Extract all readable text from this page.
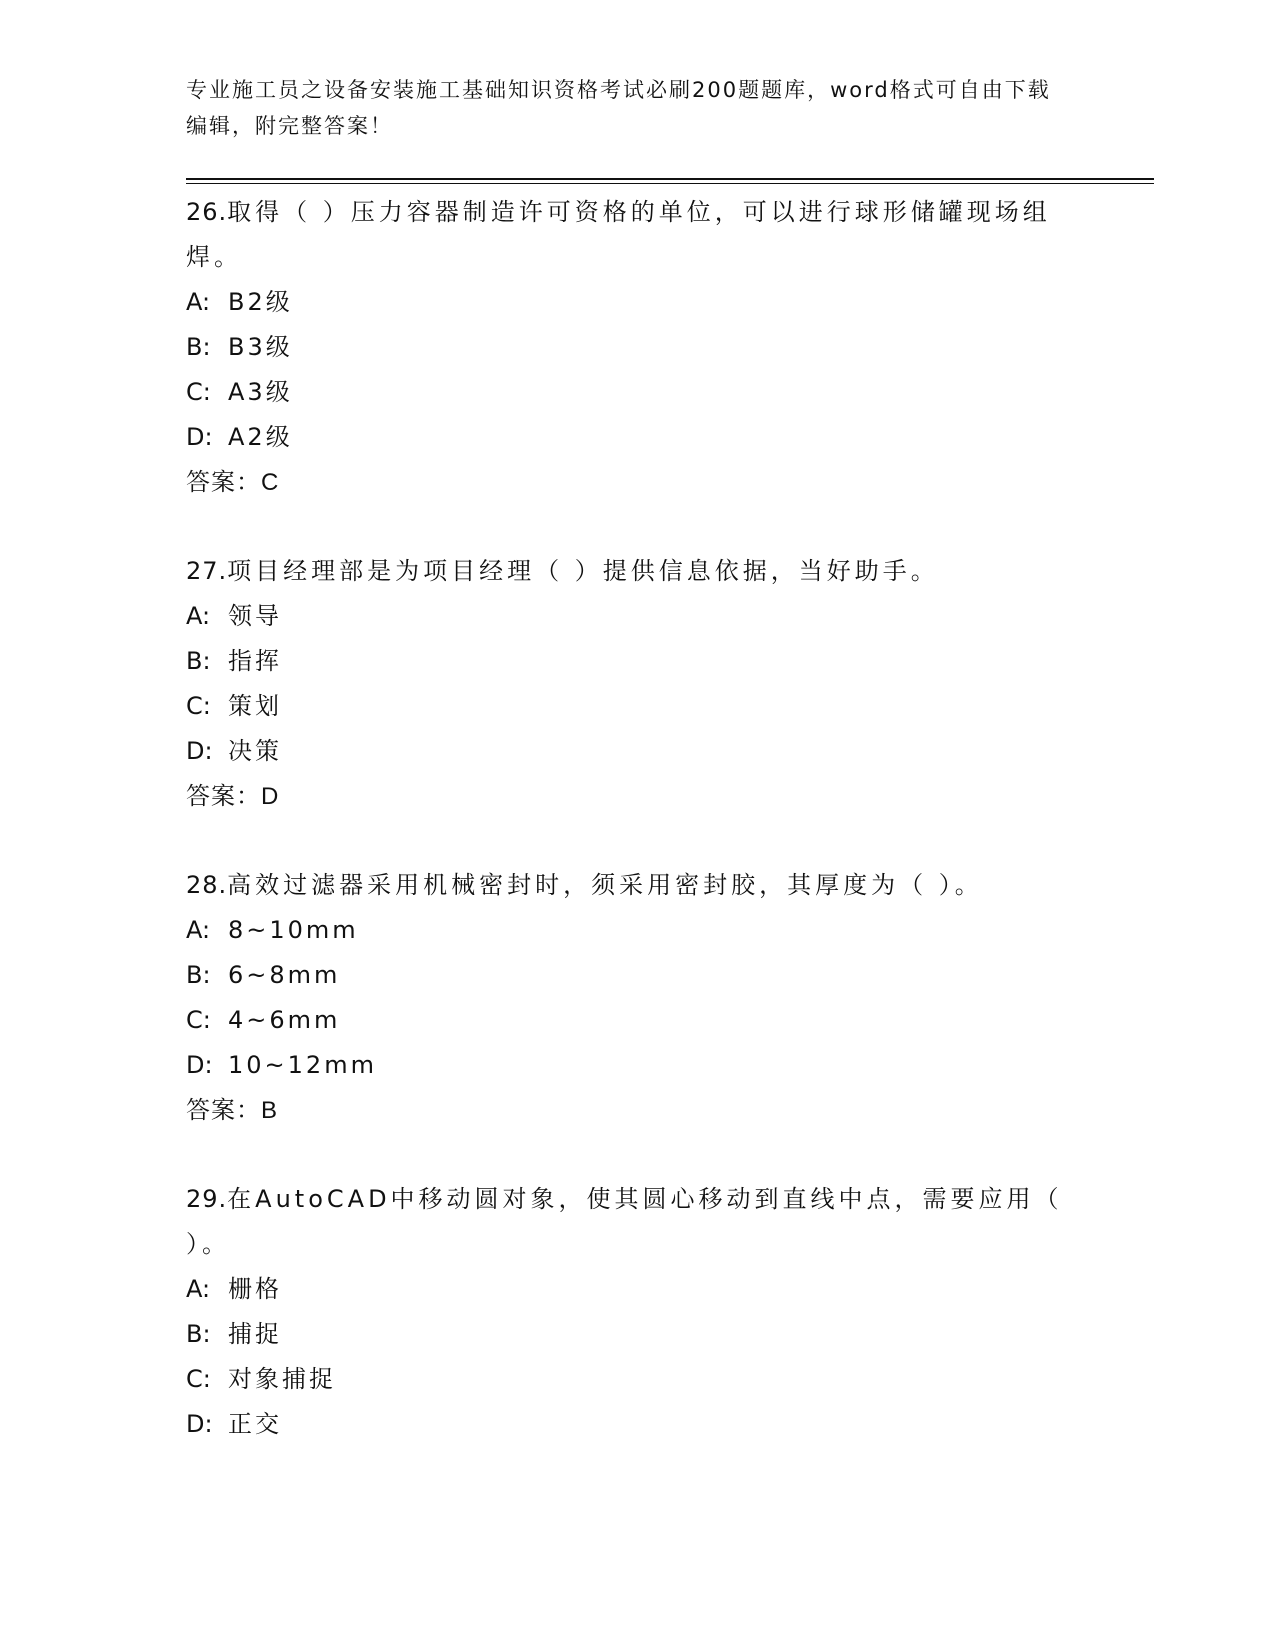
专业施工员之设备安装施工基础知识资格考试必刷200题题库，word格式可自由下载编辑，附完整答案！

26.取得（ ）压力容器制造许可资格的单位，可以进行球形储罐现场组焊。

A: B2级

B: B3级

C: A3级

D: A2级

答案：C

27.项目经理部是为项目经理（ ）提供信息依据，当好助手。

A: 领导

B: 指挥

C: 策划

D: 决策

答案：D

28.高效过滤器采用机械密封时，须采用密封胶，其厚度为（ ）。

A: 8~10mm

B: 6~8mm

C: 4~6mm

D: 10~12mm

答案：B

29.在AutoCAD中移动圆对象，使其圆心移动到直线中点，需要应用（ ）。

A: 栅格

B: 捕捉

C: 对象捕捉

D: 正交
